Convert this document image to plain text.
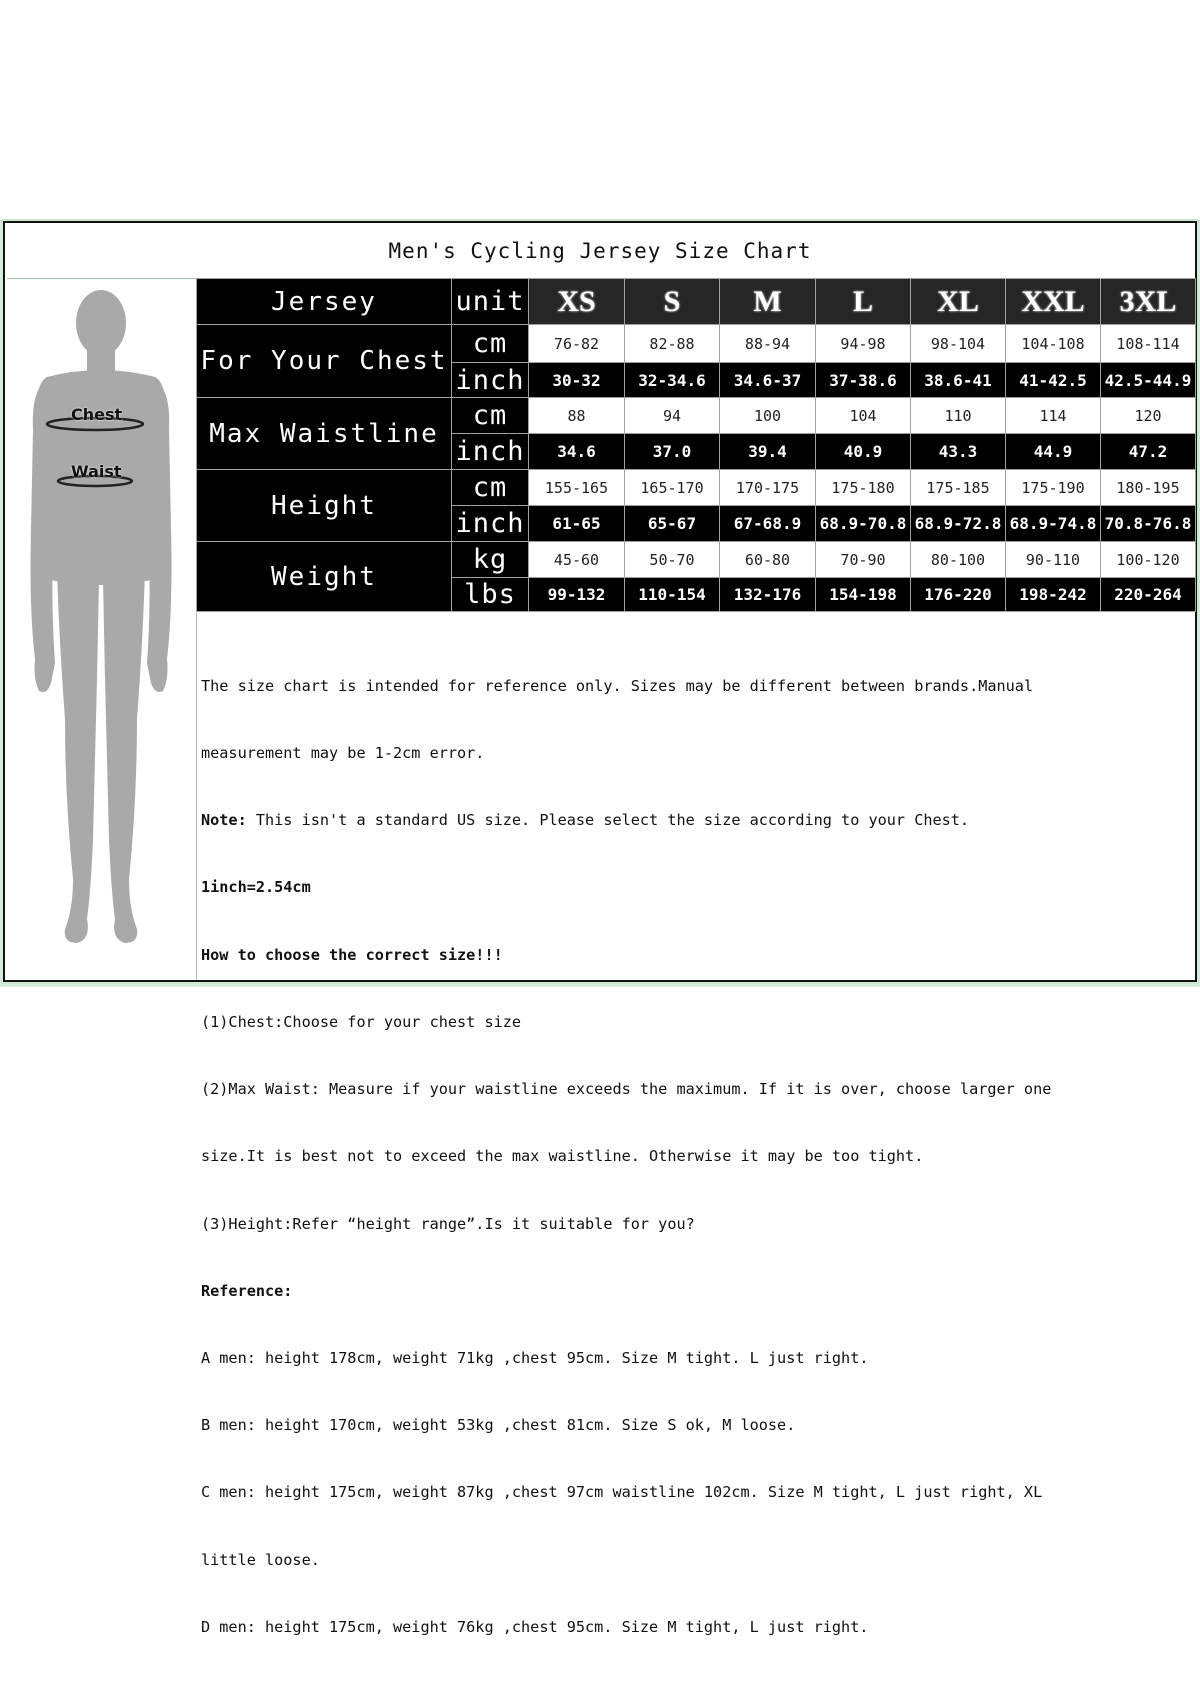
Men's Cycling Jersey Size Chart
Chest
Waist
Jersey	unit	XS	S	M	L	XL	XXL	3XL
For Your Chest	cm	76-82	82-88	88-94	94-98	98-104	104-108	108-114
	inch	30-32	32-34.6	34.6-37	37-38.6	38.6-41	41-42.5	42.5-44.9
Max Waistline	cm	88	94	100	104	110	114	120
	inch	34.6	37.0	39.4	40.9	43.3	44.9	47.2
Height	cm	155-165	165-170	170-175	175-180	175-185	175-190	180-195
	inch	61-65	65-67	67-68.9	68.9-70.8	68.9-72.8	68.9-74.8	70.8-76.8
Weight	kg	45-60	50-70	60-80	70-90	80-100	90-110	100-120
	lbs	99-132	110-154	132-176	154-198	176-220	198-242	220-264

The size chart is intended for reference only. Sizes may be different between brands.Manual

measurement may be 1-2cm error.

Note: This isn't a standard US size. Please select the size according to your Chest.

1inch=2.54cm

How to choose the correct size!!!

(1)Chest:Choose for your chest size

(2)Max Waist: Measure if your waistline exceeds the maximum. If it is over, choose larger one

size.It is best not to exceed the max waistline. Otherwise it may be too tight.

(3)Height:Refer “height range”.Is it suitable for you?

Reference:

A men: height 178cm, weight 71kg ,chest 95cm. Size M tight. L just right.

B men: height 170cm, weight 53kg ,chest 81cm. Size S ok, M loose.

C men: height 175cm, weight 87kg ,chest 97cm waistline 102cm. Size M tight, L just right, XL

little loose.

D men: height 175cm, weight 76kg ,chest 95cm. Size M tight, L just right.
